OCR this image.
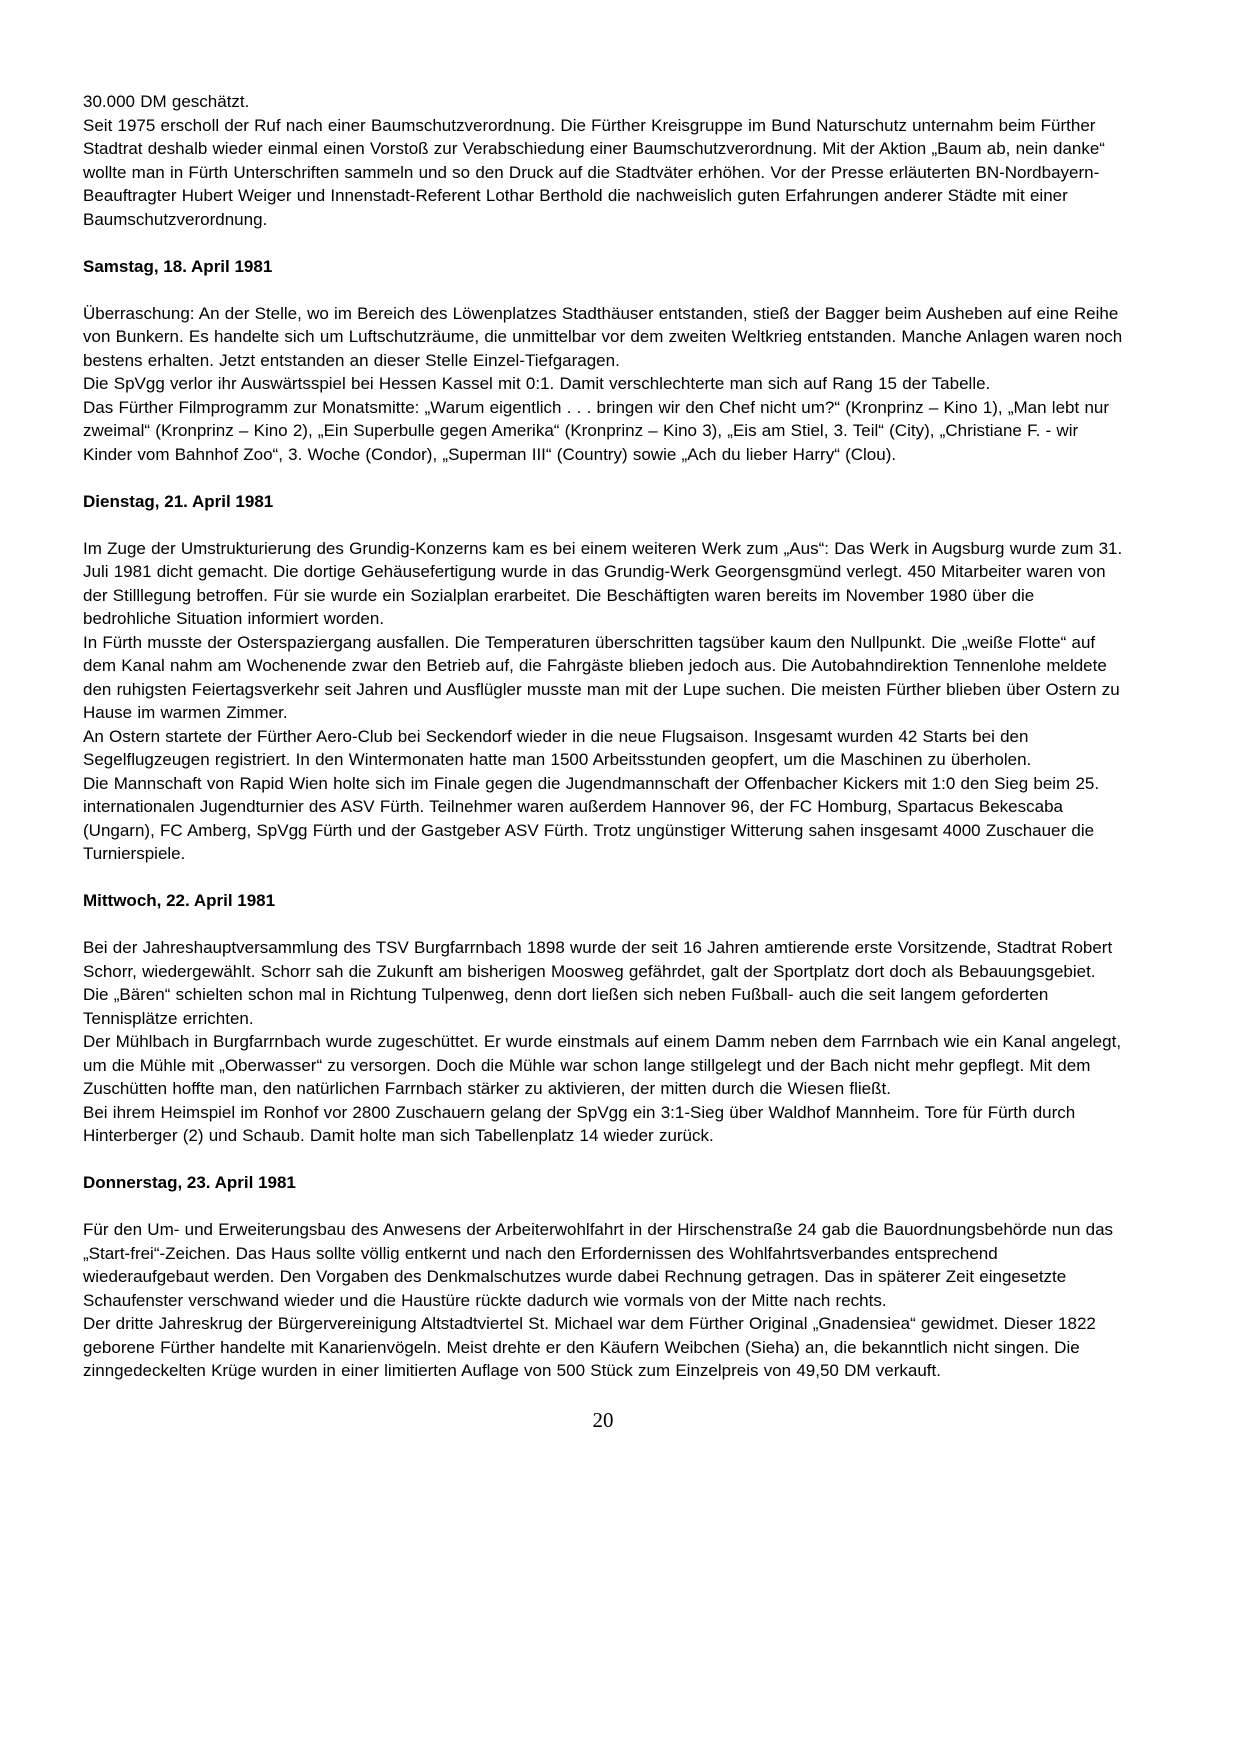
30.000 DM geschätzt.

Seit 1975 erscholl der Ruf nach einer Baumschutzverordnung. Die Fürther Kreisgruppe im Bund Naturschutz unternahm beim Fürther Stadtrat deshalb wieder einmal einen Vorstoß zur Verabschiedung einer Baumschutzverordnung. Mit der Aktion „Baum ab, nein danke“ wollte man in Fürth Unterschriften sammeln und so den Druck auf die Stadtväter erhöhen. Vor der Presse erläuterten BN-Nordbayern-Beauftragter Hubert Weiger und Innenstadt-Referent Lothar Berthold die nachweislich guten Erfahrungen anderer Städte mit einer Baumschutzverordnung.

Samstag, 18. April 1981

Überraschung: An der Stelle, wo im Bereich des Löwenplatzes Stadthäuser entstanden, stieß der Bagger beim Ausheben auf eine Reihe von Bunkern. Es handelte sich um Luftschutzräume, die unmittelbar vor dem zweiten Weltkrieg entstanden. Manche Anlagen waren noch bestens erhalten. Jetzt entstanden an dieser Stelle Einzel-Tiefgaragen.

Die SpVgg verlor ihr Auswärtsspiel bei Hessen Kassel mit 0:1. Damit verschlechterte man sich auf Rang 15 der Tabelle.

Das Fürther Filmprogramm zur Monatsmitte: „Warum eigentlich . . . bringen wir den Chef nicht um?“ (Kronprinz – Kino 1), „Man lebt nur zweimal“ (Kronprinz – Kino 2), „Ein Superbulle gegen Amerika“ (Kronprinz – Kino 3), „Eis am Stiel, 3. Teil“ (City), „Christiane F. - wir Kinder vom Bahnhof Zoo“, 3. Woche (Condor), „Superman III“ (Country) sowie „Ach du lieber Harry“ (Clou).

Dienstag, 21. April 1981

Im Zuge der Umstrukturierung des Grundig-Konzerns kam es bei einem weiteren Werk zum „Aus“: Das Werk in Augsburg wurde zum 31. Juli 1981 dicht gemacht. Die dortige Gehäusefertigung wurde in das Grundig-Werk Georgensgmünd verlegt. 450 Mitarbeiter waren von der Stilllegung betroffen. Für sie wurde ein Sozialplan erarbeitet. Die Beschäftigten waren bereits im November 1980 über die bedrohliche Situation informiert worden.

In Fürth musste der Osterspaziergang ausfallen. Die Temperaturen überschritten tagsüber kaum den Nullpunkt. Die „weiße Flotte“ auf dem Kanal nahm am Wochenende zwar den Betrieb auf, die Fahrgäste blieben jedoch aus. Die Autobahndirektion Tennenlohe meldete den ruhigsten Feiertagsverkehr seit Jahren und Ausflügler musste man mit der Lupe suchen. Die meisten Fürther blieben über Ostern zu Hause im warmen Zimmer.

An Ostern startete der Fürther Aero-Club bei Seckendorf wieder in die neue Flugsaison. Insgesamt wurden 42 Starts bei den Segelflugzeugen registriert. In den Wintermonaten hatte man 1500 Arbeitsstunden geopfert, um die Maschinen zu überholen.

Die Mannschaft von Rapid Wien holte sich im Finale gegen die Jugendmannschaft der Offenbacher Kickers mit 1:0 den Sieg beim 25. internationalen Jugendturnier des ASV Fürth. Teilnehmer waren außerdem Hannover 96, der FC Homburg, Spartacus Bekescaba (Ungarn), FC Amberg, SpVgg Fürth und der Gastgeber ASV Fürth. Trotz ungünstiger Witterung sahen insgesamt 4000 Zuschauer die Turnierspiele.

Mittwoch, 22. April 1981

Bei der Jahreshauptversammlung des TSV Burgfarrnbach 1898 wurde der seit 16 Jahren amtierende erste Vorsitzende, Stadtrat Robert Schorr, wiedergewählt. Schorr sah die Zukunft am bisherigen Moosweg gefährdet, galt der Sportplatz dort doch als Bebauungsgebiet. Die „Bären“ schielten schon mal in Richtung Tulpenweg, denn dort ließen sich neben Fußball- auch die seit langem geforderten Tennisplätze errichten.

Der Mühlbach in Burgfarrnbach wurde zugeschüttet. Er wurde einstmals auf einem Damm neben dem Farrnbach wie ein Kanal angelegt, um die Mühle mit „Oberwasser“ zu versorgen. Doch die Mühle war schon lange stillgelegt und der Bach nicht mehr gepflegt. Mit dem Zuschütten hoffte man, den natürlichen Farrnbach stärker zu aktivieren, der mitten durch die Wiesen fließt.

Bei ihrem Heimspiel im Ronhof vor 2800 Zuschauern gelang der SpVgg ein 3:1-Sieg über Waldhof Mannheim. Tore für Fürth durch Hinterberger (2) und Schaub. Damit holte man sich Tabellenplatz 14 wieder zurück.

Donnerstag, 23. April 1981

Für den Um- und Erweiterungsbau des Anwesens der Arbeiterwohlfahrt in der Hirschenstraße 24 gab die Bauordnungsbehörde nun das „Start-frei“-Zeichen. Das Haus sollte völlig entkernt und nach den Erfordernissen des Wohlfahrtsverbandes entsprechend wiederaufgebaut werden. Den Vorgaben des Denkmalschutzes wurde dabei Rechnung getragen. Das in späterer Zeit eingesetzte Schaufenster verschwand wieder und die Haustüre rückte dadurch wie vormals von der Mitte nach rechts.

Der dritte Jahreskrug der Bürgervereinigung Altstadtviertel St. Michael war dem Fürther Original „Gnadensiea“ gewidmet. Dieser 1822 geborene Fürther handelte mit Kanarienvögeln. Meist drehte er den Käufern Weibchen (Sieha) an, die bekanntlich nicht singen. Die zinngedeckelten Krüge wurden in einer limitierten Auflage von 500 Stück zum Einzelpreis von 49,50 DM verkauft.

20
